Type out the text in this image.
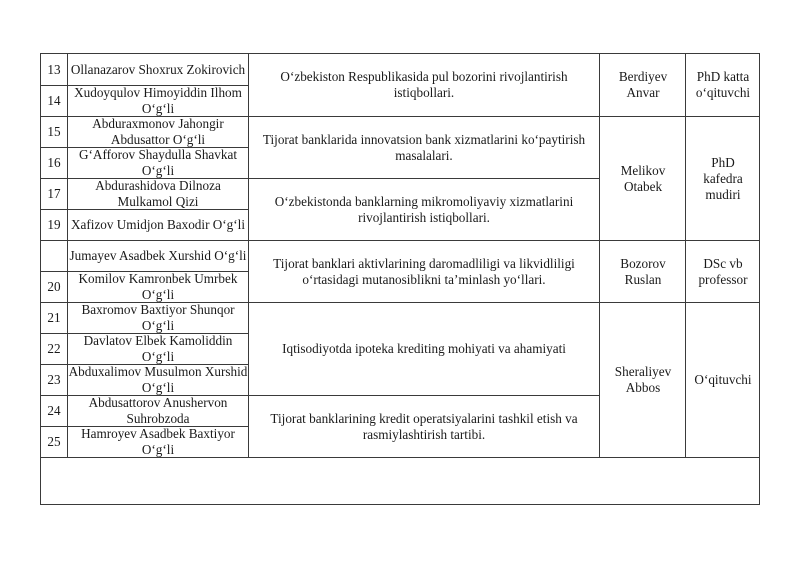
13 Ollanazarov Shoxrux Zokirovich
14
Xudoyqulov Himoyiddin Ilhom O‘g‘li
15
Abduraxmonov Jahongir Abdusattor O‘g‘li
16
G‘Afforov Shaydulla Shavkat O‘g‘li
17
Abdurashidova Dilnoza Mulkamol Qizi
19 Xafizov Umidjon Baxodir O‘g‘li
Jumayev Asadbek Xurshid O‘g‘li
20
Komilov Kamronbek Umrbek O‘g‘li
21
Baxromov Baxtiyor Shunqor O‘g‘li
22
Davlatov Elbek Kamoliddin O‘g‘li
23
Abduxalimov Musulmon Xurshid O‘g‘li
24
Abdusattorov Anushervon Suhrobzoda
25
Hamroyev Asadbek Baxtiyor O‘g‘li
O‘zbekiston Respublikasida pul bozorini rivojlantirish istiqbollari.
Tijorat banklarida innovatsion bank xizmatlarini ko‘paytirish masalalari.
O‘zbekistonda banklarning mikromoliyaviy xizmatlarini rivojlantirish istiqbollari.
Tijorat banklari aktivlarining daromadliligi va likvidliligi o‘rtasidagi mutanosiblikni ta’minlash yo‘llari.
Iqtisodiyotda ipoteka krediting mohiyati va ahamiyati
Tijorat banklarining kredit operatsiyalarini tashkil etish va rasmiylashtirish tartibi.
Berdiyev Anvar
PhD katta o‘qituvchi
Melikov Otabek
PhD kafedra mudiri
Bozorov Ruslan
DSc vb professor
Sheraliyev Abbos
O‘qituvchi
